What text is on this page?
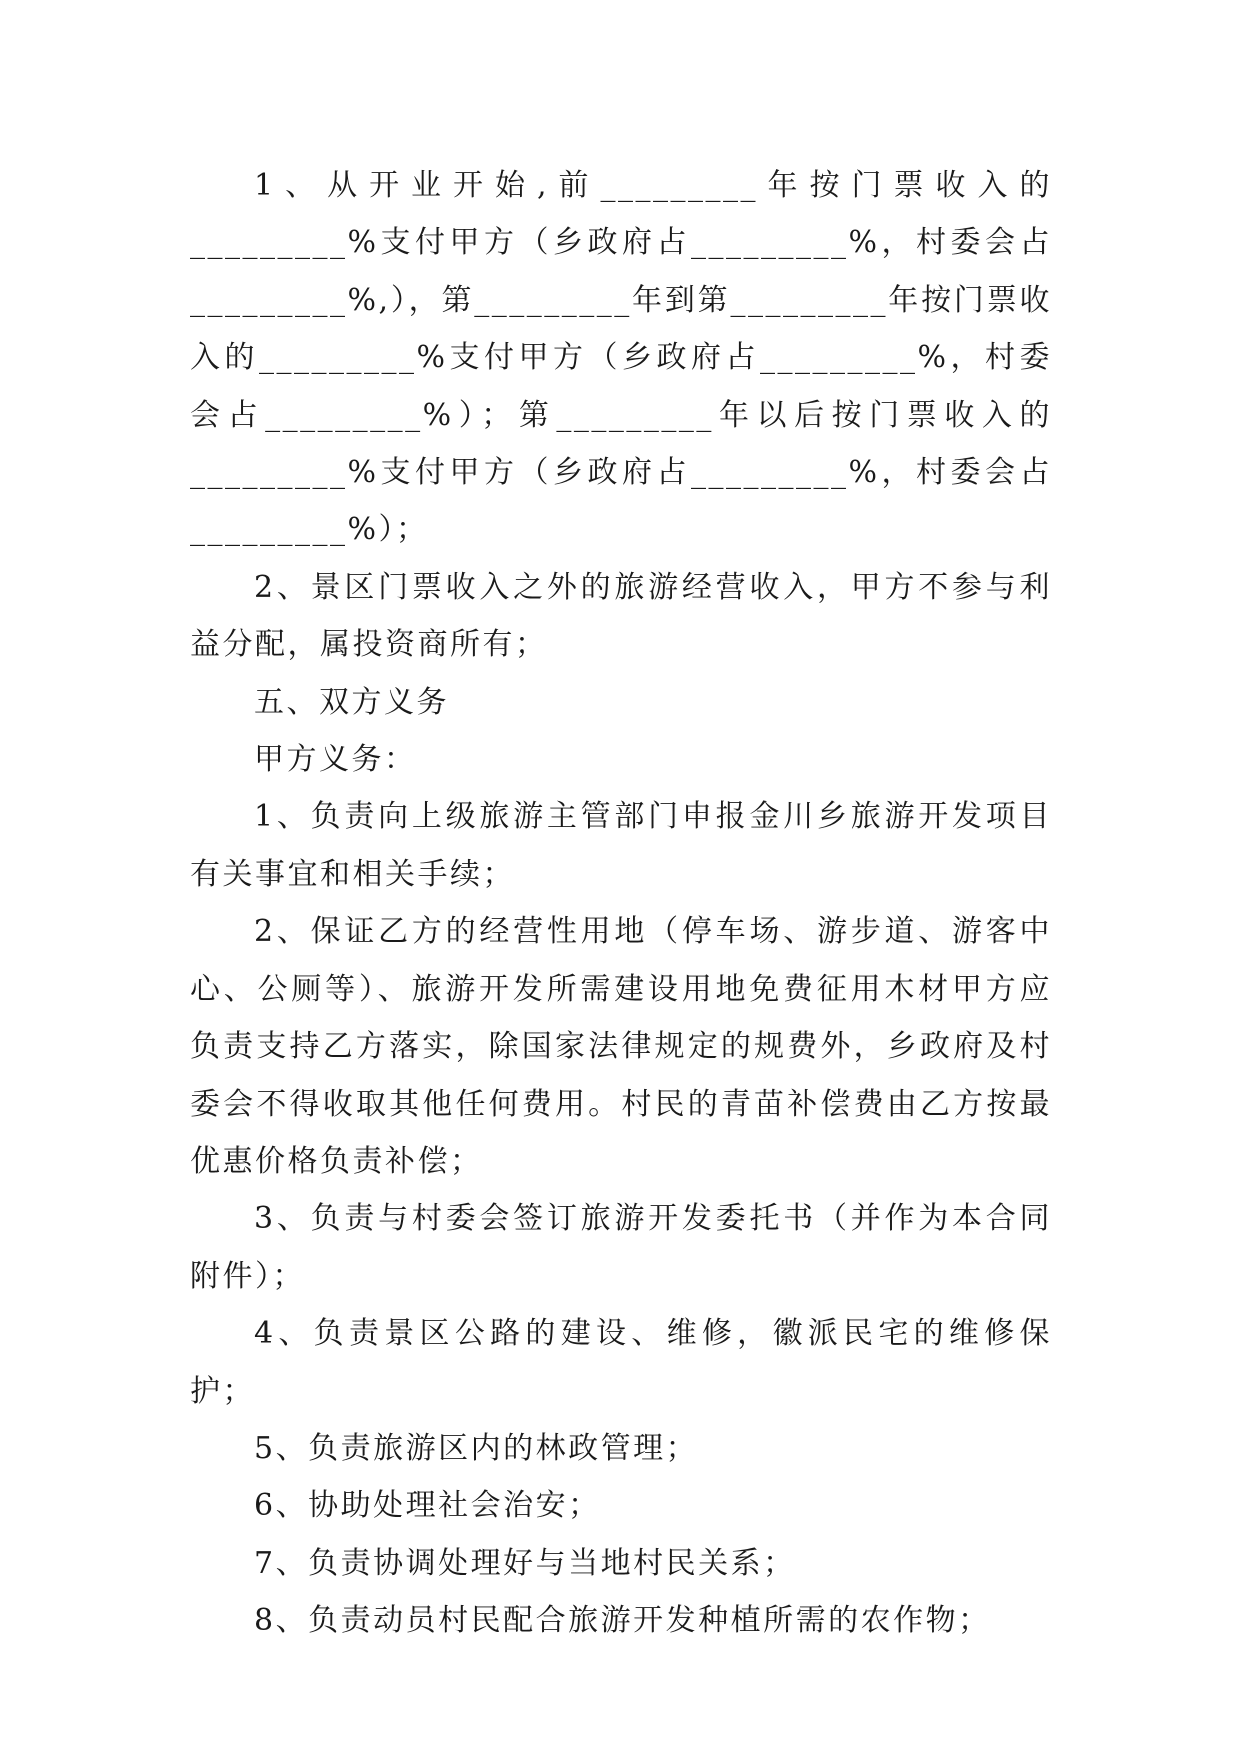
1、从开业开始,前_________年按门票收入的_________%支付甲方（乡政府占_________%，村委会占_________%,），第_________年到第_________年按门票收入的_________%支付甲方（乡政府占_________%，村委会占_________%）；第_________年以后按门票收入的_________%支付甲方（乡政府占_________%，村委会占_________%）；

2、景区门票收入之外的旅游经营收入，甲方不参与利益分配，属投资商所有；

五、双方义务

甲方义务：

1、负责向上级旅游主管部门申报金川乡旅游开发项目有关事宜和相关手续；

2、保证乙方的经营性用地（停车场、游步道、游客中心、公厕等）、旅游开发所需建设用地免费征用木材甲方应负责支持乙方落实，除国家法律规定的规费外，乡政府及村委会不得收取其他任何费用。村民的青苗补偿费由乙方按最优惠价格负责补偿；

3、负责与村委会签订旅游开发委托书（并作为本合同附件）；

4、负责景区公路的建设、维修，徽派民宅的维修保护；

5、负责旅游区内的林政管理；

6、协助处理社会治安；

7、负责协调处理好与当地村民关系；

8、负责动员村民配合旅游开发种植所需的农作物；
